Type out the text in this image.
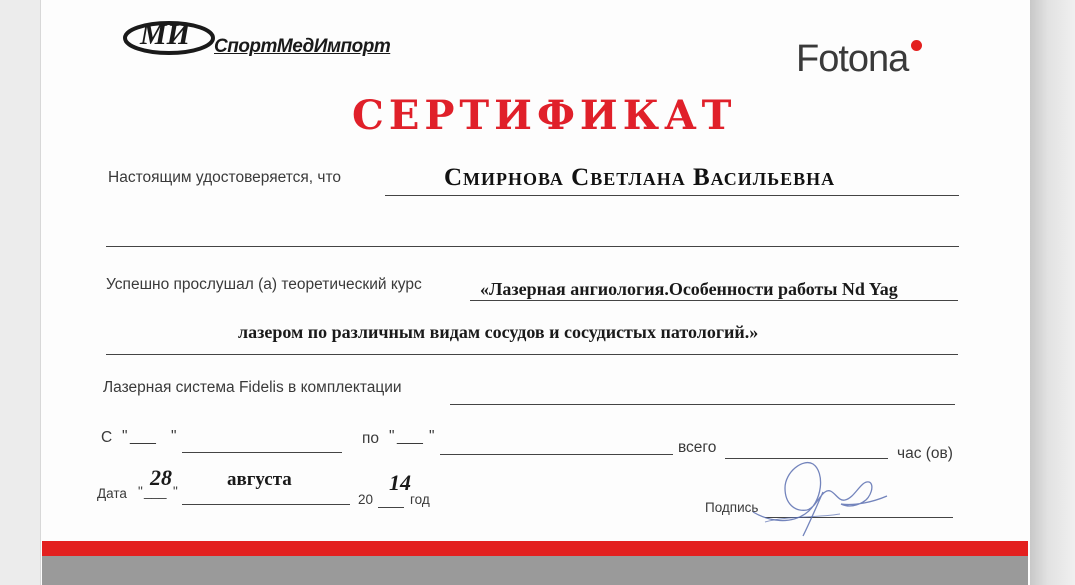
МИ СпортМедИмпорт	Fotona
СЕРТИФИКАТ
Настоящим удостоверяется, что	Смирнова Светлана Васильевна
Успешно прослушал (а) теоретический курс	«Лазерная ангиология.Особенности работы Nd Yag
лазером по различным видам сосудов и сосудистых патологий.»
Лазерная система Fidelis в комплектации
С " ___ "	по " ___ "
всего	час (ов)
Дата " ___ "
28	августа
20
14
год
Подпись
